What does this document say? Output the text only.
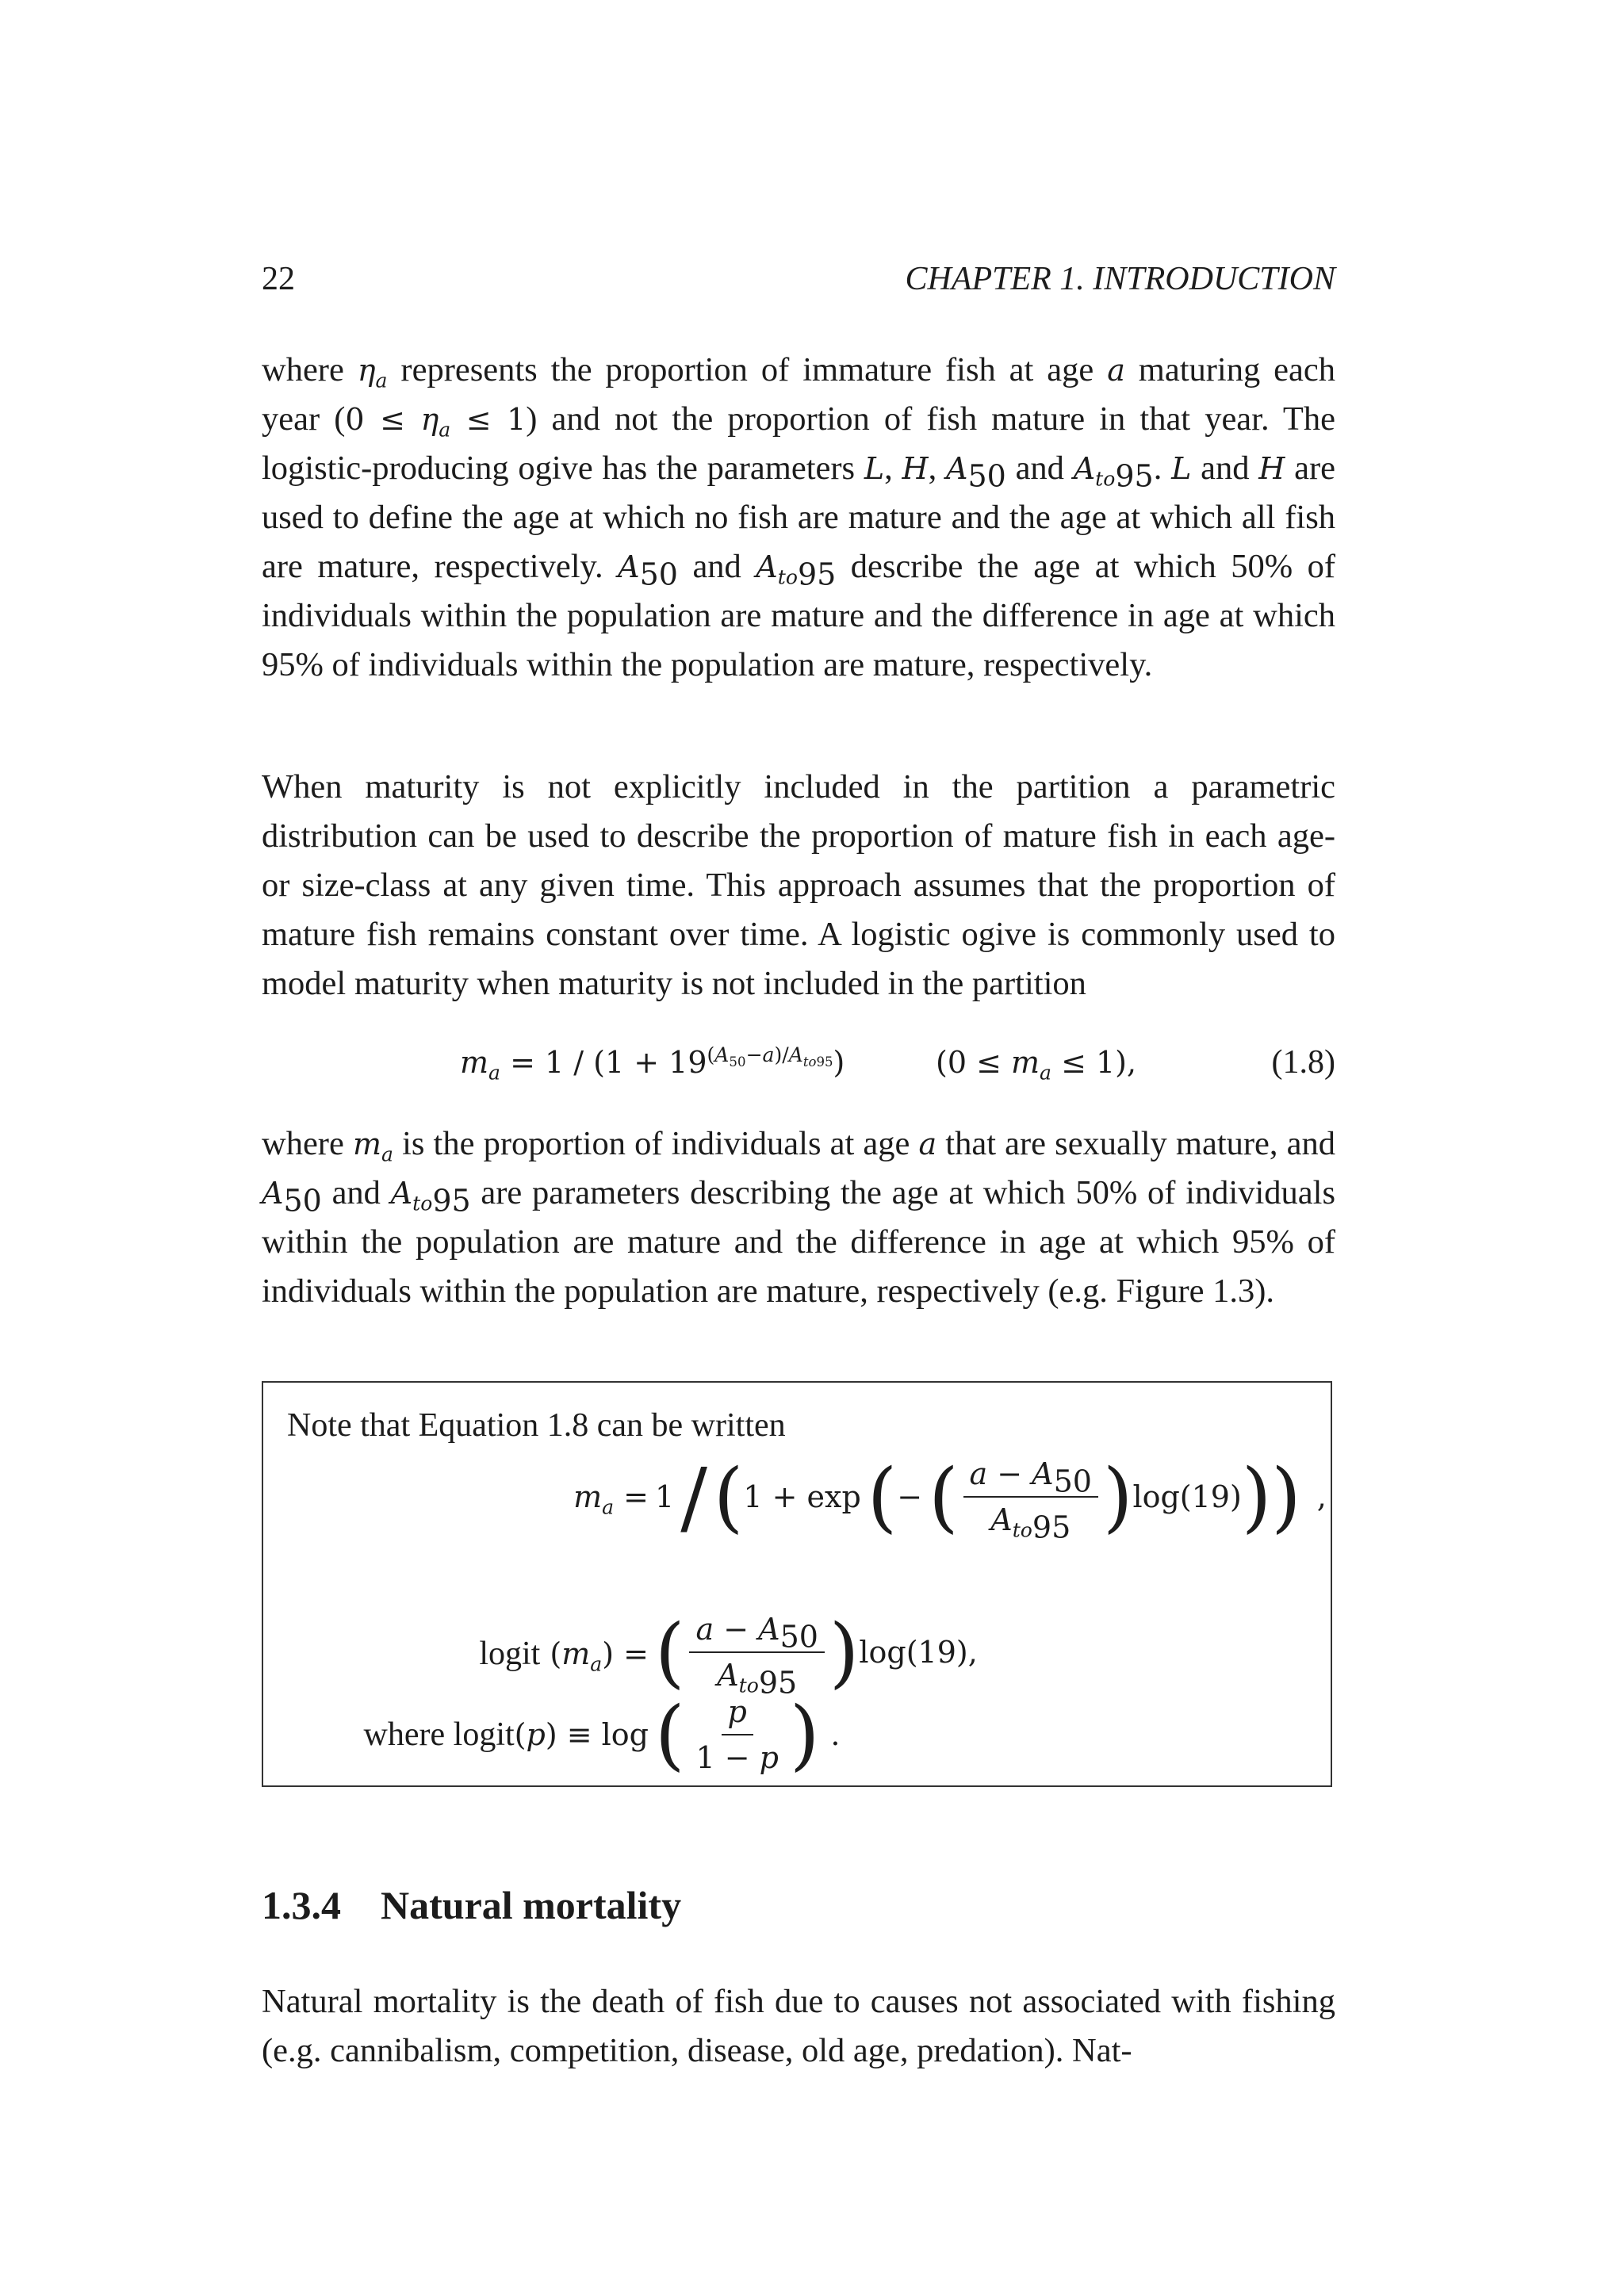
22	CHAPTER 1. INTRODUCTION

where $\eta_a$ represents the proportion of immature fish at age a maturing each year $(0 \le \eta_a \le 1)$ and not the proportion of fish mature in that year. The logistic-producing ogive has the parameters L, H, $A_{50}$ and $A_{to95}$. L and H are used to define the age at which no fish are mature and the age at which all fish are mature, respectively. $A_{50}$ and $A_{to95}$ describe the age at which 50% of individuals within the population are mature and the difference in age at which 95% of individuals within the population are mature, respectively.

When maturity is not explicitly included in the partition a parametric distribution can be used to describe the proportion of mature fish in each age- or size-class at any given time. This approach assumes that the proportion of mature fish remains constant over time. A logistic ogive is commonly used to model maturity when maturity is not included in the partition

$m_a = 1 / (1 + 19^{(A_{50}-a)/A_{to95}})$	$(0 \le m_a \le 1)$,	(1.8)

where $m_a$ is the proportion of individuals at age a that are sexually mature, and $A_{50}$ and $A_{to95}$ are parameters describing the age at which 50% of individuals within the population are mature and the difference in age at which 95% of individuals within the population are mature, respectively (e.g. Figure 1.3).

Note that Equation 1.8 can be written

$m_a = 1$ / ( 1 + exp ( − ( $\frac{a - A_{50}}{A_{to95}}$ ) log(19) )) ,
logit $(m_a)$ = ( $\frac{a - A_{50}}{A_{to95}}$ ) log(19),
where logit(p) ≡ log ( $\frac{p}{1 - p}$ ) .
1.3.4 Natural mortality

Natural mortality is the death of fish due to causes not associated with fishing (e.g. cannibalism, competition, disease, old age, predation). Nat-
